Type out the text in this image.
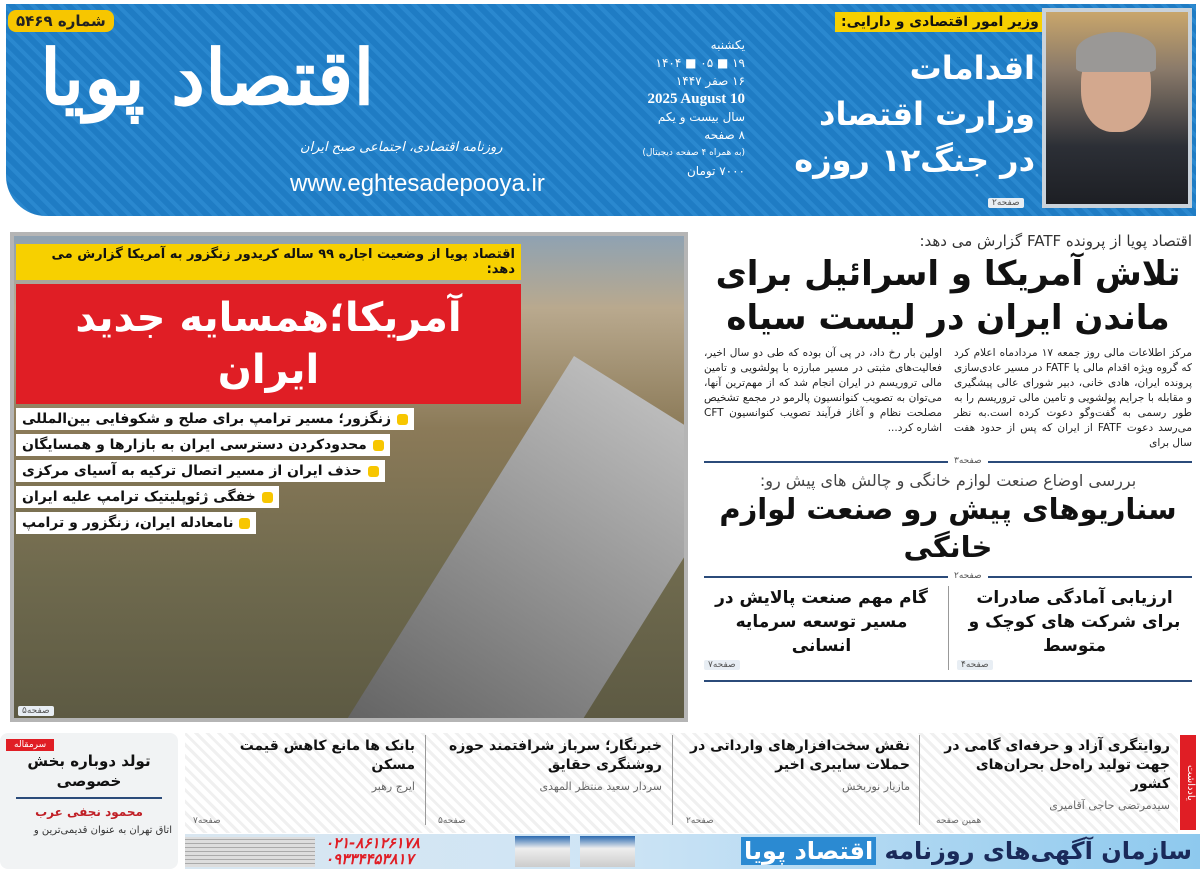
شماره ۵۴۶۹
اقتصاد پویا
روزنامه اقتصادی، اجتماعی صبح ایران
www.eghtesadepooya.ir
یکشنبه
۱۹ ■ ۰۵ ■ ۱۴۰۴
۱۶ صفر ۱۴۴۷
2025 August 10
سال بیست و یکم
۸ صفحه
(به همراه ۴ صفحه دیجیتال)
۷۰۰۰ تومان
وزیر امور اقتصادی و دارایی:
اقدامات
وزارت اقتصاد
در جنگ۱۲ روزه
صفحه۲
اقتصاد پویا از وضعیت اجاره ۹۹ ساله کریدور زنگزور به آمریکا گزارش می دهد:
آمریکا؛همسایه جدید ایران
زنگزور؛ مسیر ترامپ برای صلح و شکوفایی بین‌المللی
محدودکردن دسترسی ایران به بازارها و همسایگان
حذف ایران از مسیر اتصال ترکیه به آسیای مرکزی
خفگی ژئوپلیتیک ترامپ علیه ایران
نامعادله ایران، زنگزور و ترامپ
صفحه۵
اقتصاد پویا از پرونده FATF گزارش می دهد:
تلاش آمریکا و اسرائیل برای ماندن ایران در لیست سیاه
مرکز اطلاعات مالی روز جمعه ۱۷ مردادماه اعلام کرد که گروه ویژه اقدام مالی یا FATF در مسیر عادی‌سازی پرونده ایران، هادی خانی، دبیر شورای عالی پیشگیری و مقابله با جرایم پولشویی و تامین مالی تروریسم را به طور رسمی به گفت‌وگو دعوت کرده است.به نظر می‌رسد دعوت FATF از ایران که پس از حدود هفت سال برای
اولین بار رخ داد، در پی آن بوده که طی دو سال اخیر، فعالیت‌های مثبتی در مسیر مبارزه با پولشویی و تامین مالی تروریسم در ایران انجام شد که از مهم‌ترین آنها، می‌توان به تصویب کنوانسیون پالرمو در مجمع تشخیص مصلحت نظام و آغاز فرآیند تصویب کنوانسیون CFT اشاره کرد...
صفحه۳
بررسی اوضاع صنعت لوازم خانگی و چالش های پیش رو:
سناریوهای پیش رو صنعت لوازم خانگی
صفحه۲
ارزیابی آمادگی صادرات برای شرکت های کوچک و متوسط
صفحه۴
گام مهم صنعت پالایش در مسیر توسعه سرمایه انسانی
صفحه۷
روایتگری آزاد و حرفه‌ای گامی در جهت تولید راه‌حل بحران‌های کشور
سیدمرتضی حاجی آقامیری
همین صفحه
نقش سخت‌افزارهای وارداتی در حملات سایبری اخیر
مازیار نوربخش
صفحه۲
خبرنگار؛ سرباز شرافتمند حوزه روشنگری حقایق
سردار سعید منتظر المهدی
صفحه۵
بانک ها مانع کاهش قیمت مسکن
ایرج رهبر
صفحه۷
یادداشت
سرمقاله
تولد دوباره بخش خصوصی
محمود نجفی عرب

اتاق تهران به عنوان قدیمی‌ترین و

۰۲۱-۸۶۱۲۶۱۷۸
۰۹۳۳۴۴۵۳۸۱۷	سازمان آگهی‌های روزنامه اقتصاد پویا
